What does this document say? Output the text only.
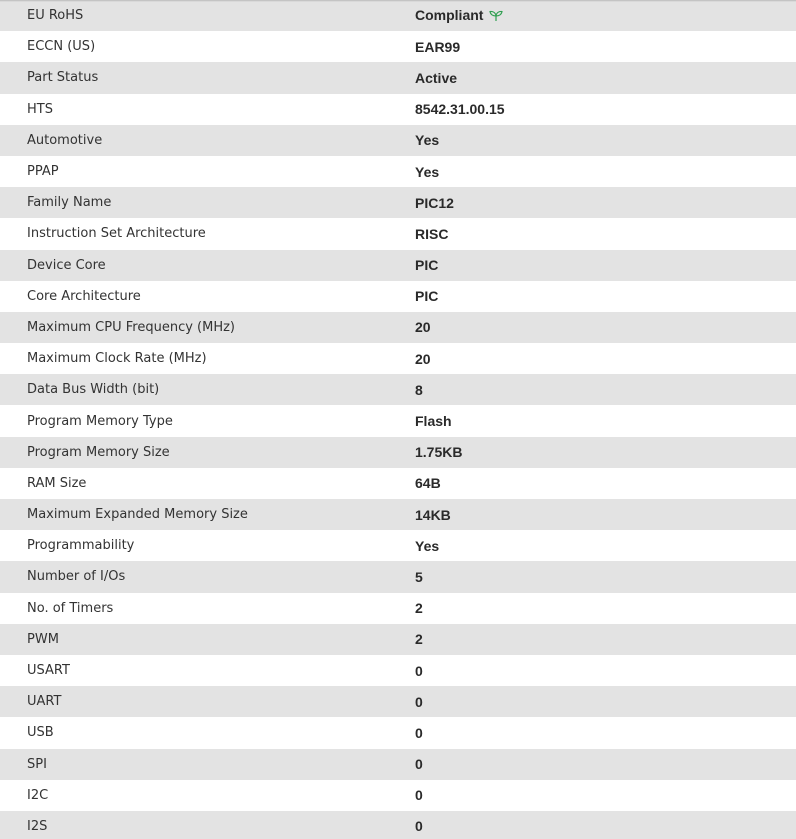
EU RoHS	Compliant
ECCN (US)	EAR99
Part Status	Active
HTS	8542.31.00.15
Automotive	Yes
PPAP	Yes
Family Name	PIC12
Instruction Set Architecture	RISC
Device Core	PIC
Core Architecture	PIC
Maximum CPU Frequency (MHz)	20
Maximum Clock Rate (MHz)	20
Data Bus Width (bit)	8
Program Memory Type	Flash
Program Memory Size	1.75KB
RAM Size	64B
Maximum Expanded Memory Size	14KB
Programmability	Yes
Number of I/Os	5
No. of Timers	2
PWM	2
USART	0
UART	0
USB	0
SPI	0
I2C	0
I2S	0
